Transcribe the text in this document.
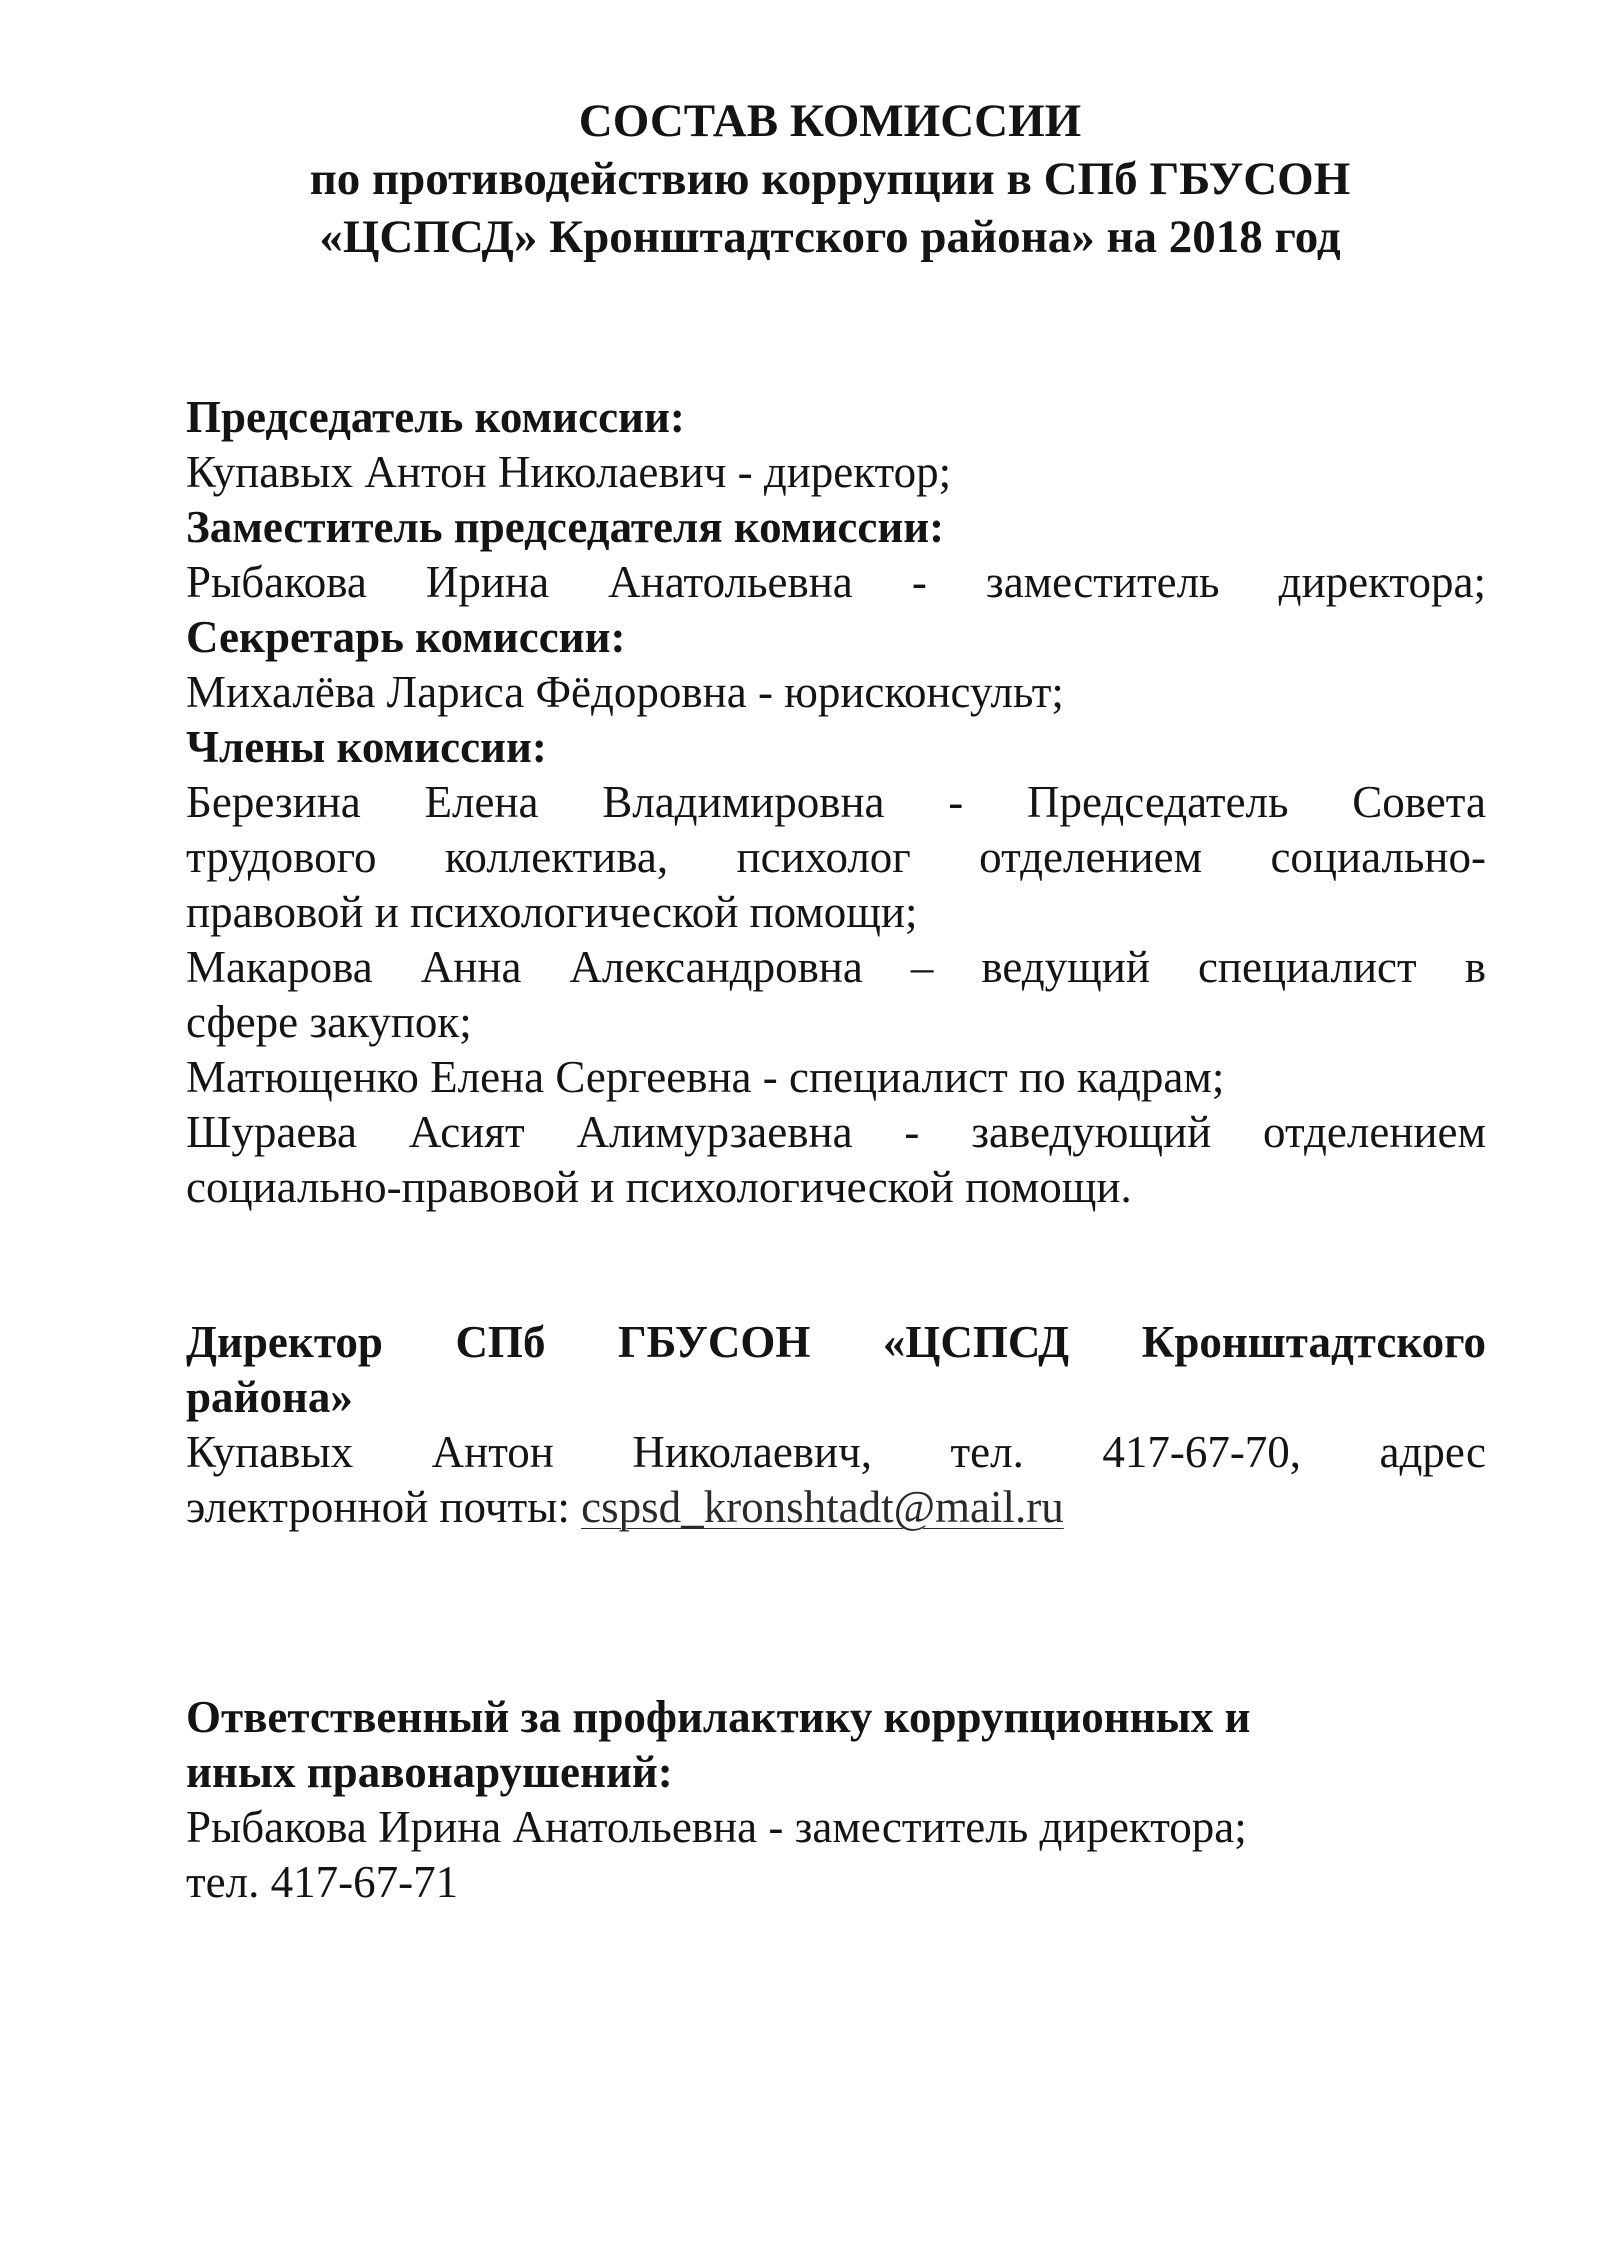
СОСТАВ КОМИССИИ
по противодействию коррупции в СПб ГБУСОН
«ЦСПСД» Кронштадтского района» на 2018 год
Председатель комиссии:
Купавых Антон Николаевич - директор;
Заместитель председателя комиссии:
Рыбакова Ирина Анатольевна - заместитель директора;
Секретарь комиссии:
Михалёва Лариса Фёдоровна - юрисконсульт;
Члены комиссии:
Березина Елена Владимировна - Председатель Совета
трудового коллектива, психолог отделением социально-
правовой и психологической помощи;
Макарова Анна Александровна – ведущий специалист в
сфере закупок;
Матющенко Елена Сергеевна - специалист по кадрам;
Шураева Асият Алимурзаевна - заведующий отделением
социально-правовой и психологической помощи.
Директор СПб ГБУСОН «ЦСПСД Кронштадтского
района»
Купавых Антон Николаевич, тел. 417-67-70, адрес
электронной почты: cspsd_kronshtadt@mail.ru
Ответственный за профилактику коррупционных и
иных правонарушений:
Рыбакова Ирина Анатольевна - заместитель директора;
тел. 417-67-71
